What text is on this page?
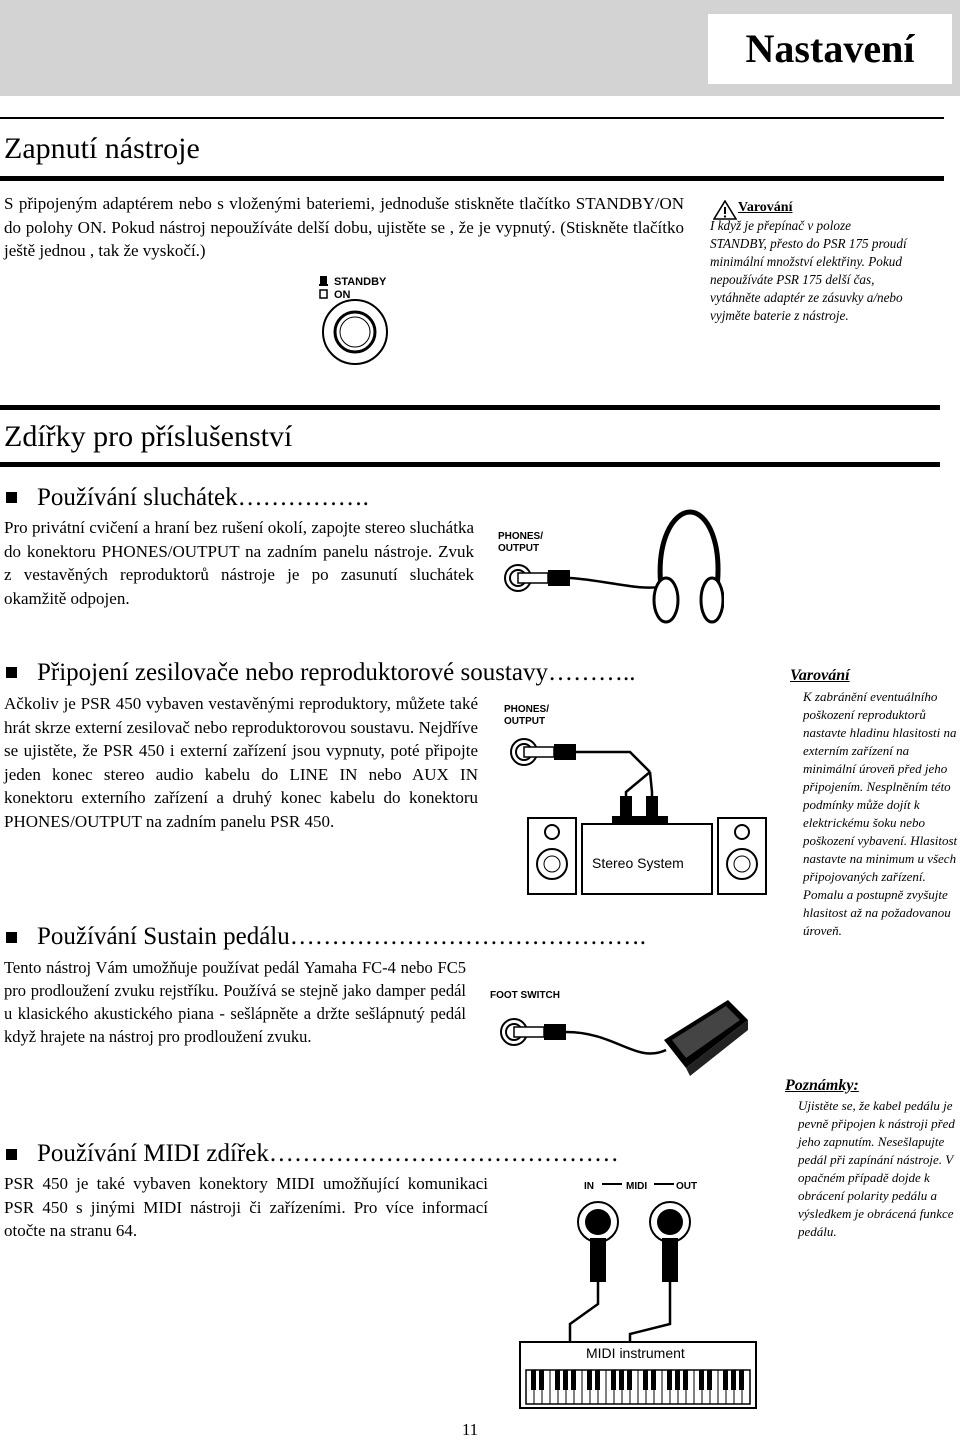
Nastavení
Zapnutí nástroje
S připojeným adaptérem nebo s vloženými bateriemi, jednoduše stiskněte tlačítko STANDBY/ON do polohy ON. Pokud nástroj nepoužíváte delší dobu, ujistěte se , že je vypnutý. (Stiskněte tlačítko ještě jednou , tak že vyskočí.)
STANDBY
ON
Varování
I když je přepínač v poloze STANDBY, přesto do PSR 175 proudí minimální množství elektřiny. Pokud nepoužíváte PSR 175 delší čas, vytáhněte adaptér ze zásuvky a/nebo vyjměte baterie z nástroje.
Zdířky pro příslušenství
Používání sluchátek…………….
Pro privátní cvičení a hraní bez rušení okolí, zapojte stereo sluchátka do konektoru PHONES/OUTPUT na zadním panelu nástroje. Zvuk z vestavěných reproduktorů nástroje je po zasunutí sluchátek okamžitě odpojen.
PHONES/
OUTPUT
Připojení zesilovače nebo reproduktorové soustavy………..
Ačkoliv je PSR 450 vybaven vestavěnými reproduktory, můžete také hrát skrze externí zesilovač nebo reproduktorovou soustavu. Nejdříve se ujistěte, že PSR 450 i externí zařízení jsou vypnuty, poté připojte jeden konec stereo audio kabelu do LINE IN nebo AUX IN konektoru externího zařízení a druhý konec kabelu do konektoru PHONES/OUTPUT na zadním panelu PSR 450.
PHONES/
OUTPUT
Stereo System
Varování
K zabránění eventuálního poškození reproduktorů nastavte hladinu hlasitosti na externím zařízení na minimální úroveň před jeho připojením. Nesplněním této podmínky může dojít k elektrickému šoku nebo poškození vybavení. Hlasitost nastavte na minimum u všech připojovaných zařízení. Pomalu a postupně zvyšujte hlasitost až na požadovanou úroveň.
Používání Sustain pedálu…………………………………….
Tento nástroj Vám umožňuje používat pedál Yamaha FC-4 nebo FC5 pro prodloužení zvuku rejstříku. Používá se stejně jako damper pedál u klasického akustického piana - sešlápněte a držte sešlápnutý pedál když hrajete na nástroj pro prodloužení zvuku.
FOOT SWITCH
Poznámky:
Ujistěte se, že kabel pedálu je pevně připojen k nástroji před jeho zapnutím. Nesešlapujte pedál při zapínání nástroje. V opačném případě dojde k obrácení polarity pedálu a výsledkem je obrácená funkce pedálu.
Používání MIDI zdířek……………………………………
PSR 450 je také vybaven konektory MIDI umožňující komunikaci PSR 450 s jinými MIDI nástroji či zařízeními. Pro více informací otočte na stranu 64.
IN	MIDI	OUT
MIDI instrument
11
